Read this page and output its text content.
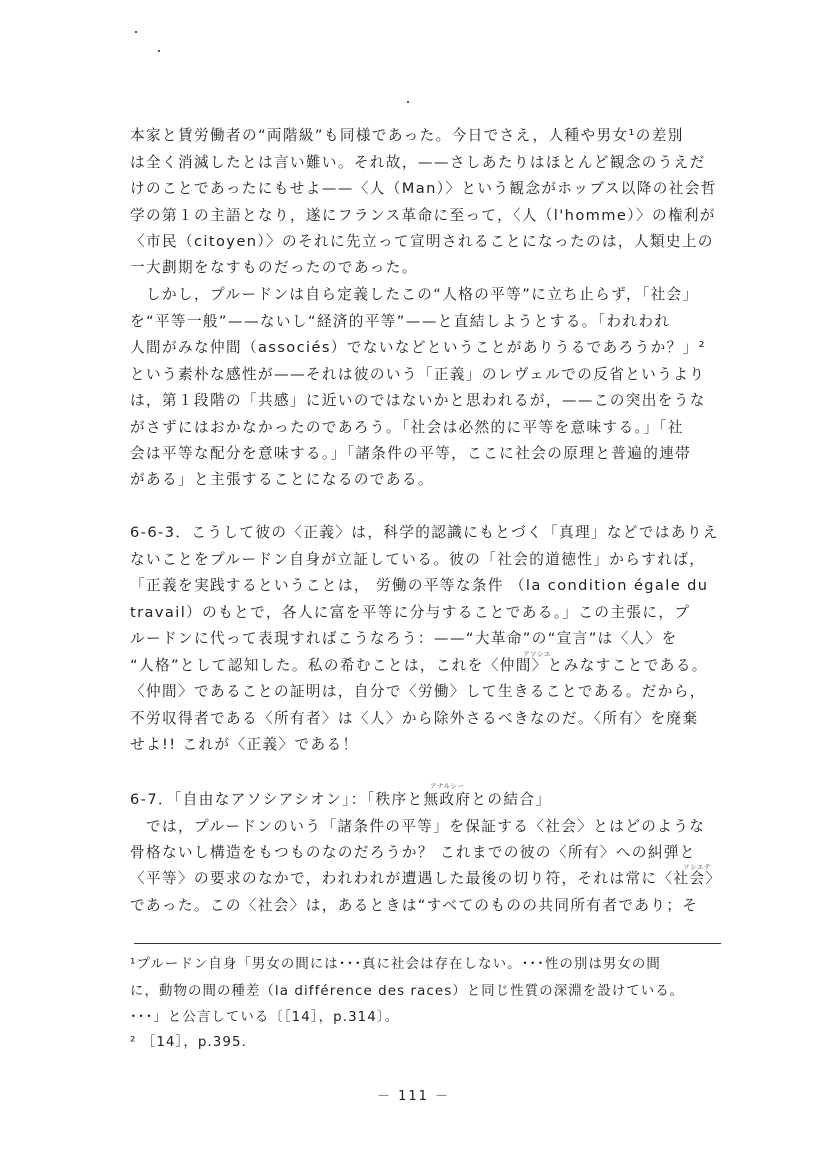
本家と賃労働者の“両階級”も同様であった。今日でさえ，人種や男女¹の差別
は全く消滅したとは言い難い。それ故，——さしあたりはほとんど観念のうえだ
けのことであったにもせよ——〈人（Man）〉という観念がホッブス以降の社会哲
学の第１の主語となり，遂にフランス革命に至って，〈人（l'homme）〉の権利が
〈市民（citoyen）〉のそれに先立って宣明されることになったのは，人類史上の
一大劃期をなすものだったのであった。
　しかし，プルードンは自ら定義したこの“人格の平等”に立ち止らず，「社会」
を“平等一般”——ないし“経済的平等”——と直結しようとする。「われわれ
人間がみな仲間（associés）でないなどということがありうるであろうか？」²
という素朴な感性が——それは彼のいう「正義」のレヴェルでの反省というより
は，第１段階の「共感」に近いのではないかと思われるが，——この突出をうな
がさずにはおかなかったのであろう。「社会は必然的に平等を意味する。」「社
会は平等な配分を意味する。」「諸条件の平等，ここに社会の原理と普遍的連帯
がある」と主張することになるのである。
6-6-3．こうして彼の〈正義〉は，科学的認識にもとづく「真理」などではありえ
ないことをプルードン自身が立証している。彼の「社会的道徳性」からすれば，
「正義を実践するということは， 労働の平等な条件 （la condition égale du
travail）のもとで，各人に富を平等に分与することである。」この主張に，プ
ルードンに代って表現すればこうなろう：——“大革命”の“宣言”は〈人〉を
アソシエ
“人格”として認知した。私の希むことは，これを〈仲間〉とみなすことである。
〈仲間〉であることの証明は，自分で〈労働〉して生きることである。だから，
不労収得者である〈所有者〉は〈人〉から除外さるべきなのだ。〈所有〉を廃棄
せよ!! これが〈正義〉である！
アナルシー
6-7．「自由なアソシアシオン」：「秩序と無政府との結合」
　では，プルードンのいう「諸条件の平等」を保証する〈社会〉とはどのような
骨格ないし構造をもつものなのだろうか？ これまでの彼の〈所有〉への糾弾と
ソシエテ
〈平等〉の要求のなかで，われわれが遭遇した最後の切り符，それは常に〈社会〉
であった。この〈社会〉は，あるときは“すべてのものの共同所有者であり；そ
¹プルードン自身「男女の間には･･･真に社会は存在しない。･･･性の別は男女の間
に，動物の間の種差（la différence des races）と同じ性質の深淵を設けている。
･･･」と公言している〔［14］，p.314〕。
² ［14］，p.395.
－ 111 －
